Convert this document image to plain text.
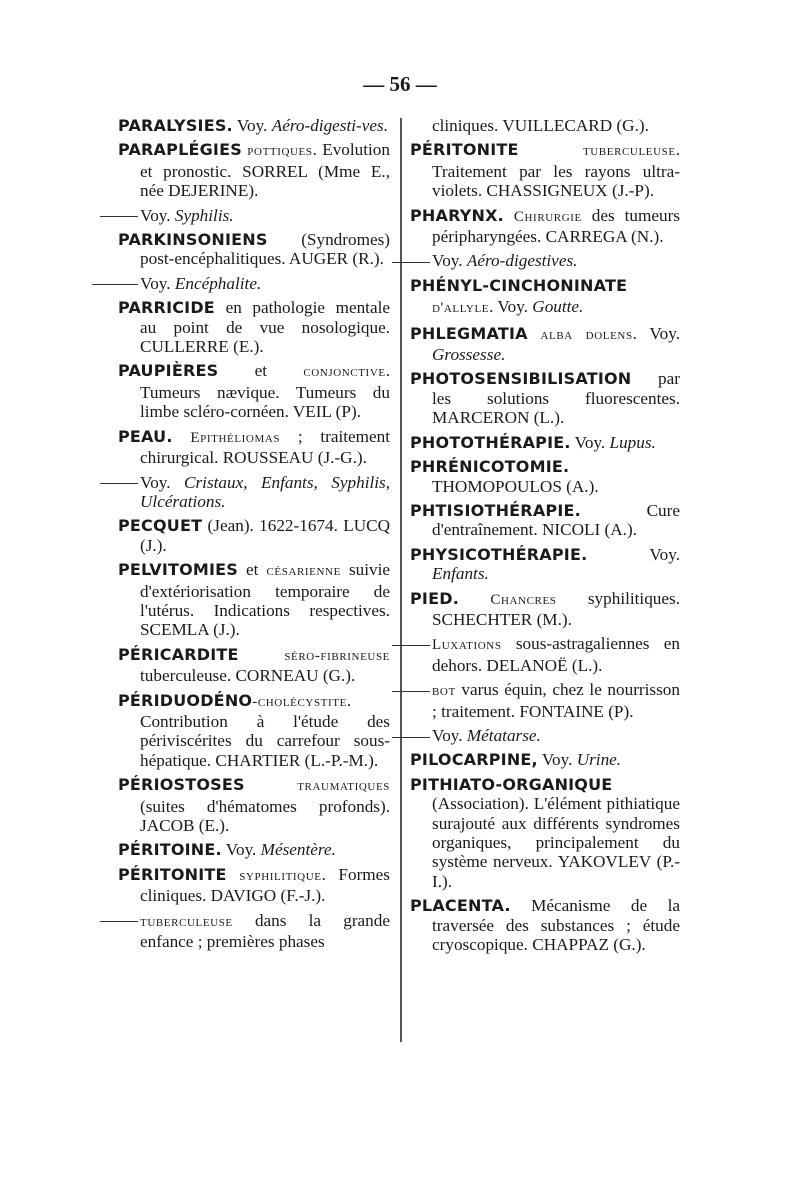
— 56 —
PARALYSIES. Voy. Aéro-digesti-ves.
PARAPLÉGIES pottiques. Evolution et pronostic. SORREL (Mme E., née DEJERINE).
Voy. Syphilis.
PARKINSONIENS (Syndromes) post-encéphalitiques. AUGER (R.).
Voy. Encéphalite.
PARRICIDE en pathologie mentale au point de vue nosologique. CULLERRE (E.).
PAUPIÈRES et conjonctive. Tumeurs nævique. Tumeurs du limbe scléro-cornéen. VEIL (P).
PEAU. Epithéliomas ; traitement chirurgical. ROUSSEAU (J.-G.).
Voy. Cristaux, Enfants, Syphilis, Ulcérations.
PECQUET (Jean). 1622-1674. LUCQ (J.).
PELVITOMIES et césarienne suivie d'extériorisation temporaire de l'utérus. Indications respectives. SCEMLA (J.).
PÉRICARDITE séro-fibrineuse tuberculeuse. CORNEAU (G.).
PÉRIDUODÉNO-cholécystite. Contribution à l'étude des périviscérites du carrefour sous-hépatique. CHARTIER (L.-P.-M.).
PÉRIOSTOSES traumatiques (suites d'hématomes profonds). JACOB (E.).
PÉRITOINE. Voy. Mésentère.
PÉRITONITE syphilitique. Formes cliniques. DAVIGO (F.-J.).
tuberculeuse dans la grande enfance ; premières phases
cliniques. VUILLECARD (G.).
PÉRITONITE tuberculeuse. Traitement par les rayons ultra-violets. CHASSIGNEUX (J.-P).
PHARYNX. Chirurgie des tumeurs péripharyngées. CARREGA (N.).
Voy. Aéro-digestives.
PHÉNYL-CINCHONINATE d'allyle. Voy. Goutte.
PHLEGMATIA alba dolens. Voy. Grossesse.
PHOTOSENSIBILISATION par les solutions fluorescentes. MARCERON (L.).
PHOTOTHÉRAPIE. Voy. Lupus.
PHRÉNICOTOMIE. THOMOPOULOS (A.).
PHTISIOTHÉRAPIE. Cure d'entraînement. NICOLI (A.).
PHYSICOTHÉRAPIE. Voy. Enfants.
PIED. Chancres syphilitiques. SCHECHTER (M.).
Luxations sous-astragaliennes en dehors. DELANOË (L.).
bot varus équin, chez le nourrisson ; traitement. FONTAINE (P).
Voy. Métatarse.
PILOCARPINE, Voy. Urine.
PITHIATO-ORGANIQUE (Association). L'élément pithiatique surajouté aux différents syndromes organiques, principalement du système nerveux. YAKOVLEV (P.-I.).
PLACENTA. Mécanisme de la traversée des substances ; étude cryoscopique. CHAPPAZ (G.).
